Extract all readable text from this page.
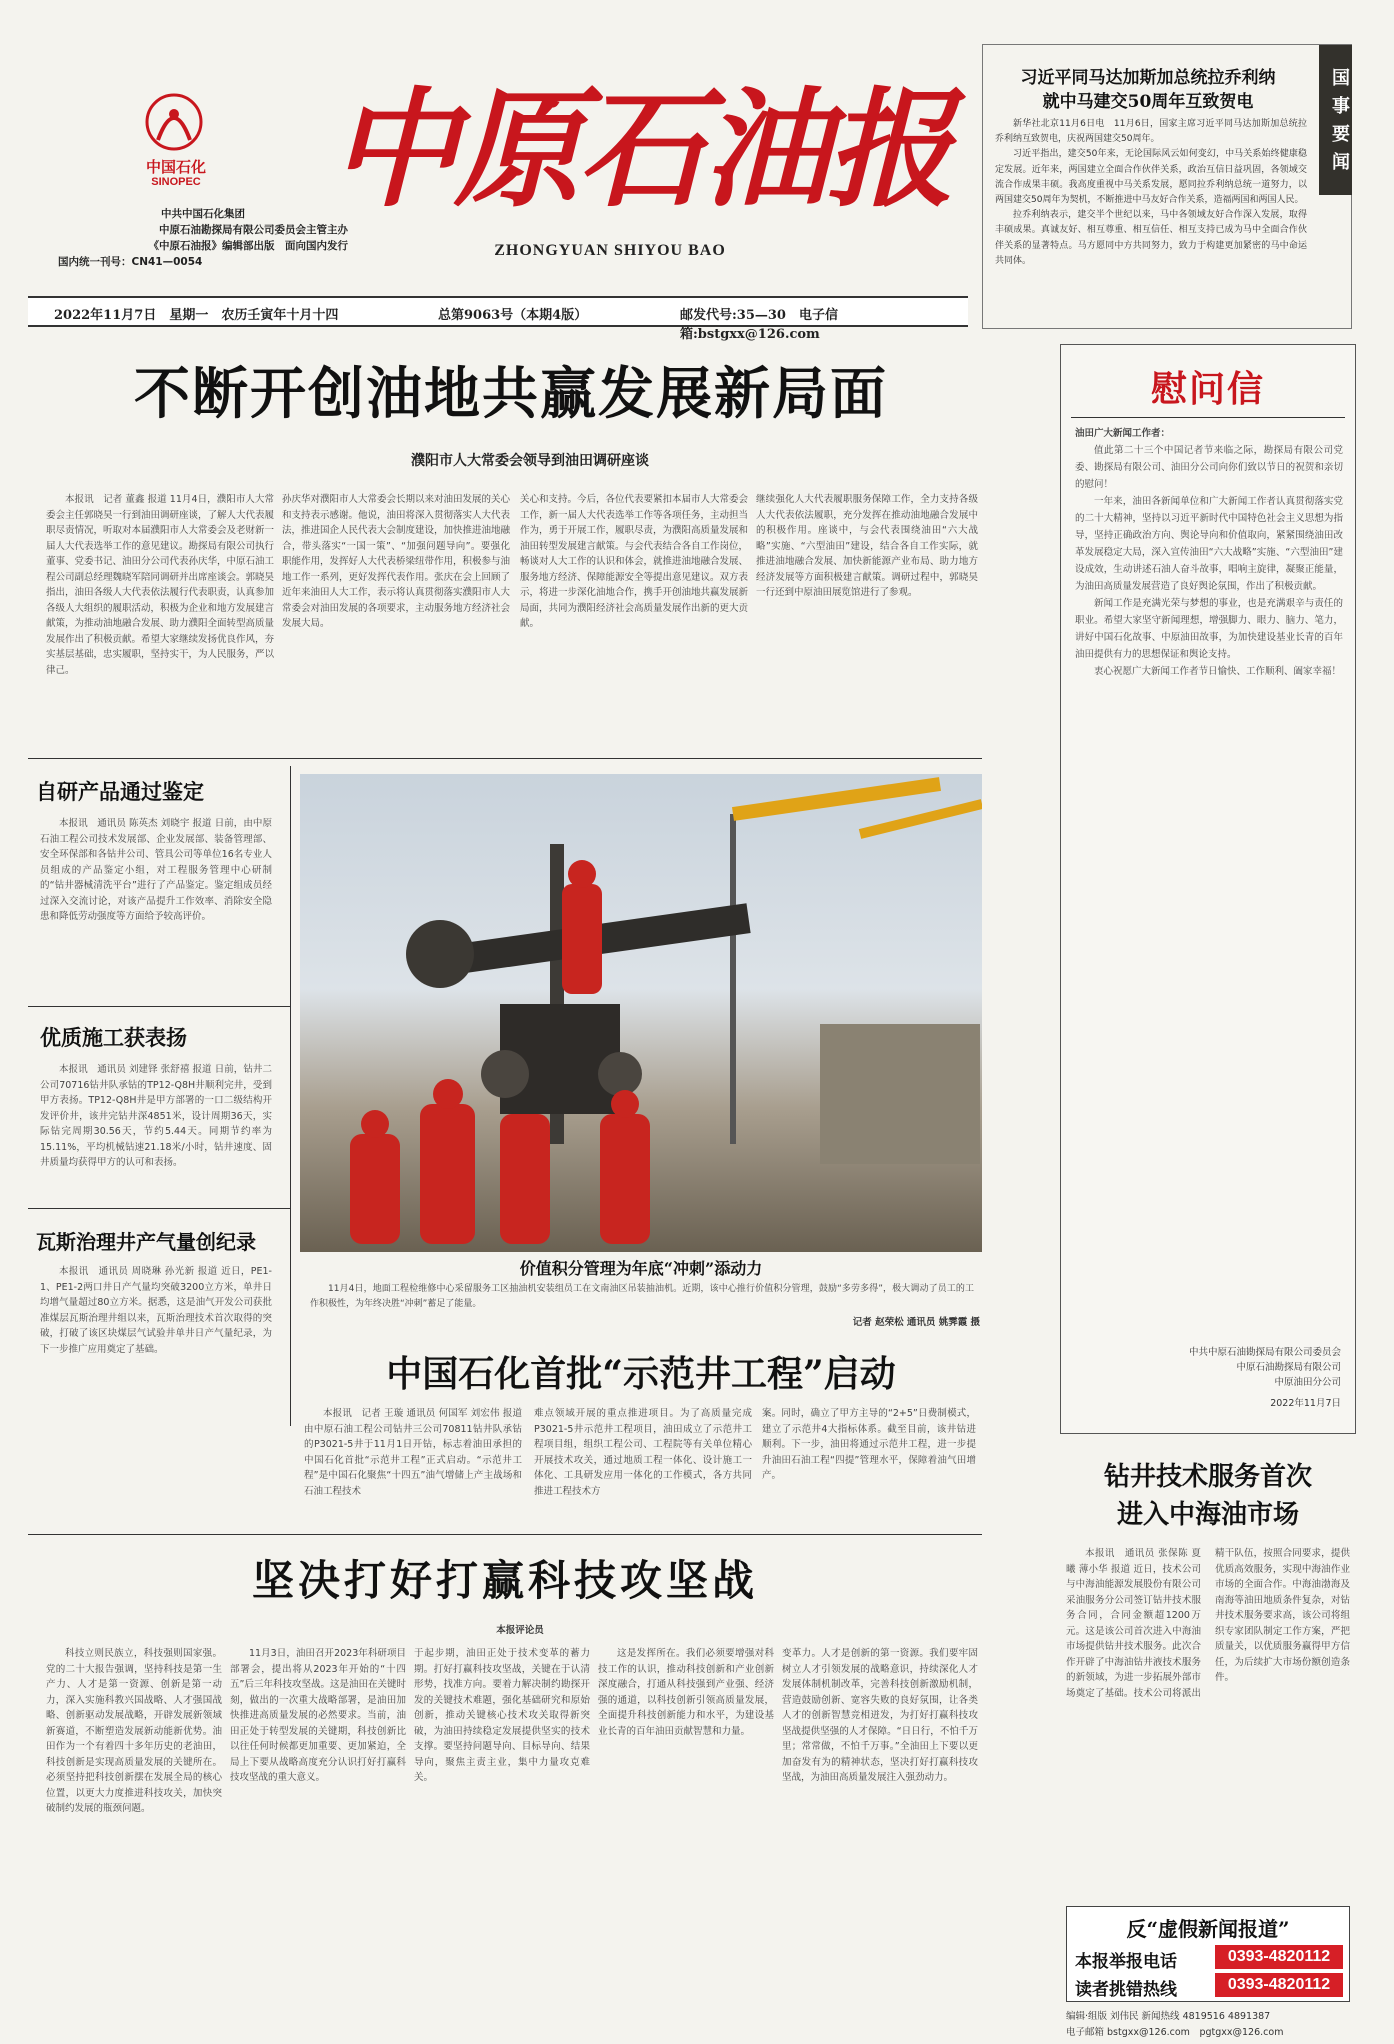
中国石化
SINOPEC
中共中国石化集团
中原石油勘探局有限公司委员会主管主办
《中原石油报》编辑部出版　面向国内发行
国内统一刊号：CN41—0054
中原石油报
ZHONGYUAN SHIYOU BAO
习近平同马达加斯加总统拉乔利纳
就中马建交50周年互致贺电

新华社北京11月6日电　11月6日，国家主席习近平同马达加斯加总统拉乔利纳互致贺电，庆祝两国建交50周年。

习近平指出，建交50年来，无论国际风云如何变幻，中马关系始终健康稳定发展。近年来，两国建立全面合作伙伴关系，政治互信日益巩固，各领域交流合作成果丰硕。我高度重视中马关系发展，愿同拉乔利纳总统一道努力，以两国建交50周年为契机，不断推进中马友好合作关系，造福两国和两国人民。

拉乔利纳表示，建交半个世纪以来，马中各领域友好合作深入发展，取得丰硕成果。真诚友好、相互尊重、相互信任、相互支持已成为马中全面合作伙伴关系的显著特点。马方愿同中方共同努力，致力于构建更加紧密的马中命运共同体。

国事要闻
2022年11月7日　星期一　农历壬寅年十月十四	总第9063号（本期4版）	邮发代号:35—30　电子信箱:bstgxx@126.com
不断开创油地共赢发展新局面
濮阳市人大常委会领导到油田调研座谈
本报讯　记者 董鑫 报道 11月4日，濮阳市人大常委会主任郭晓昊一行到油田调研座谈，了解人大代表履职尽责情况，听取对本届濮阳市人大常委会及老财新一届人大代表选举工作的意见建议。勘探局有限公司执行董事、党委书记、油田分公司代表孙庆华，中原石油工程公司副总经理魏晓军陪同调研并出席座谈会。郭晓昊指出，油田各级人大代表依法履行代表职责，认真参加各级人大组织的履职活动，积极为企业和地方发展建言献策，为推动油地融合发展、助力濮阳全面转型高质量发展作出了积极贡献。希望大家继续发扬优良作风，夯实基层基础，忠实履职，坚持实干，为人民服务，严以律己。
孙庆华对濮阳市人大常委会长期以来对油田发展的关心和支持表示感谢。他说，油田将深入贯彻落实人大代表法，推进国企人民代表大会制度建设，加快推进油地融合，带头落实“一国一策”、“加强问题导向”。要强化职能作用，发挥好人大代表桥梁纽带作用，积极参与油地工作一系列，更好发挥代表作用。张庆在会上回顾了近年来油田人大工作，表示将认真贯彻落实濮阳市人大常委会对油田发展的各项要求，主动服务地方经济社会发展大局。
关心和支持。今后，各位代表要紧扣本届市人大常委会工作，新一届人大代表选举工作等各项任务，主动担当作为，勇于开展工作，履职尽责，为濮阳高质量发展和油田转型发展建言献策。与会代表结合各自工作岗位，畅谈对人大工作的认识和体会，就推进油地融合发展、服务地方经济、保障能源安全等提出意见建议。双方表示，将进一步深化油地合作，携手开创油地共赢发展新局面，共同为濮阳经济社会高质量发展作出新的更大贡献。
继续强化人大代表履职服务保障工作，全力支持各级人大代表依法履职，充分发挥在推动油地融合发展中的积极作用。座谈中，与会代表围绕油田“六大战略”实施、“六型油田”建设，结合各自工作实际，就推进油地融合发展、加快新能源产业布局、助力地方经济发展等方面积极建言献策。调研过程中，郭晓昊一行还到中原油田展览馆进行了参观。
自研产品通过鉴定
本报讯　通讯员 陈英杰 刘晓宇 报道 日前，由中原石油工程公司技术发展部、企业发展部、装备管理部、安全环保部和各钻井公司、管具公司等单位16名专业人员组成的产品鉴定小组，对工程服务管理中心研制的“钻井器械清洗平台”进行了产品鉴定。鉴定组成员经过深入交流讨论，对该产品提升工作效率、消除安全隐患和降低劳动强度等方面给予较高评价。
优质施工获表扬
本报讯　通讯员 刘建铎 张舒禧 报道 日前，钻井二公司70716钻井队承钻的TP12-Q8H井顺利完井，受到甲方表扬。TP12-Q8H井是甲方部署的一口二级结构开发评价井，该井完钻井深4851米，设计周期36天，实际钻完周期30.56天，节约5.44天。同期节约率为15.11%，平均机械钻速21.18米/小时，钻井速度、固井质量均获得甲方的认可和表扬。
瓦斯治理井产气量创纪录
本报讯　通讯员 周晓琳 孙光新 报道 近日，PE1-1、PE1-2两口井日产气量均突破3200立方米，单井日均增气量超过80立方米。据悉，这是油气开发公司获批准煤层瓦斯治理井组以来，瓦斯治理技术首次取得的突破，打破了该区块煤层气试验井单井日产气量纪录，为下一步推广应用奠定了基础。
价值积分管理为年底“冲刺”添动力
11月4日，地面工程检维修中心采留服务工区抽油机安装组员工在文南油区吊装抽油机。近期，该中心推行价值积分管理，鼓励“多劳多得”，极大调动了员工的工作积极性，为年终决胜“冲刺”蓄足了能量。
记者 赵荣松 通讯员 姚霁霞 摄
中国石化首批“示范井工程”启动
本报讯　记者 王璇 通讯员 何国军 刘宏伟 报道 由中原石油工程公司钻井三公司70811钻井队承钻的P3021-5井于11月1日开钻，标志着油田承担的中国石化首批“示范井工程”正式启动。“示范井工程”是中国石化聚焦“十四五”油气增储上产主战场和石油工程技术
难点领域开展的重点推进项目。为了高质量完成P3021-5井示范井工程项目，油田成立了示范井工程项目组，组织工程公司、工程院等有关单位精心开展技术攻关，通过地质工程一体化、设计施工一体化、工具研发应用一体化的工作模式，各方共同推进工程技术方
案。同时，确立了甲方主导的“2+5”日费制模式，建立了示范井4大指标体系。截至目前，该井钻进顺利。下一步，油田将通过示范井工程，进一步提升油田石油工程“四提”管理水平，保障着油气田增产。
坚决打好打赢科技攻坚战
本报评论员
科技立则民族立，科技强则国家强。党的二十大报告强调，坚持科技是第一生产力、人才是第一资源、创新是第一动力，深入实施科教兴国战略、人才强国战略、创新驱动发展战略，开辟发展新领域新赛道，不断塑造发展新动能新优势。油田作为一个有着四十多年历史的老油田，科技创新是实现高质量发展的关键所在。必须坚持把科技创新摆在发展全局的核心位置，以更大力度推进科技攻关，加快突破制约发展的瓶颈问题。
11月3日，油田召开2023年科研项目部署会，提出将从2023年开始的“十四五”后三年科技攻坚战。这是油田在关键时刻，做出的一次重大战略部署，是油田加快推进高质量发展的必然要求。当前，油田正处于转型发展的关键期，科技创新比以往任何时候都更加重要、更加紧迫，全局上下要从战略高度充分认识打好打赢科技攻坚战的重大意义。
于起步期，油田正处于技术变革的蓄力期。打好打赢科技攻坚战，关键在于认清形势，找准方向。要着力解决制约勘探开发的关键技术难题，强化基础研究和原始创新，推动关键核心技术攻关取得新突破，为油田持续稳定发展提供坚实的技术支撑。要坚持问题导向、目标导向、结果导向，聚焦主责主业，集中力量攻克难关。
这是发挥所在。我们必须要增强对科技工作的认识，推动科技创新和产业创新深度融合，打通从科技强到产业强、经济强的通道，以科技创新引领高质量发展，全面提升科技创新能力和水平，为建设基业长青的百年油田贡献智慧和力量。
变革力。人才是创新的第一资源。我们要牢固树立人才引领发展的战略意识，持续深化人才发展体制机制改革，完善科技创新激励机制，营造鼓励创新、宽容失败的良好氛围，让各类人才的创新智慧竞相迸发，为打好打赢科技攻坚战提供坚强的人才保障。“日日行，不怕千万里；常常做，不怕千万事。”全油田上下要以更加奋发有为的精神状态，坚决打好打赢科技攻坚战，为油田高质量发展注入强劲动力。
慰问信
油田广大新闻工作者：

值此第二十三个中国记者节来临之际，勘探局有限公司党委、勘探局有限公司、油田分公司向你们致以节日的祝贺和亲切的慰问！

一年来，油田各新闻单位和广大新闻工作者认真贯彻落实党的二十大精神，坚持以习近平新时代中国特色社会主义思想为指导，坚持正确政治方向、舆论导向和价值取向，紧紧围绕油田改革发展稳定大局，深入宣传油田“六大战略”实施、“六型油田”建设成效，生动讲述石油人奋斗故事，唱响主旋律，凝聚正能量，为油田高质量发展营造了良好舆论氛围，作出了积极贡献。

新闻工作是充满光荣与梦想的事业，也是充满艰辛与责任的职业。希望大家坚守新闻理想，增强脚力、眼力、脑力、笔力，讲好中国石化故事、中原油田故事，为加快建设基业长青的百年油田提供有力的思想保证和舆论支持。

衷心祝愿广大新闻工作者节日愉快、工作顺利、阖家幸福！

中共中原石油勘探局有限公司委员会
中原石油勘探局有限公司
中原油田分公司
2022年11月7日
钻井技术服务首次
进入中海油市场
本报讯　通讯员 张保陈 夏曦 薄小华 报道 近日，技术公司与中海油能源发展股份有限公司采油服务分公司签订钻井技术服务合同，合同金额超1200万元。这是该公司首次进入中海油市场提供钻井技术服务。此次合作开辟了中海油钻井液技术服务的新领域，为进一步拓展外部市场奠定了基础。技术公司将派出精干队伍，按照合同要求，提供优质高效服务，实现中海油作业市场的全面合作。中海油渤海及南海等油田地质条件复杂，对钻井技术服务要求高，该公司将组织专家团队制定工作方案，严把质量关，以优质服务赢得甲方信任，为后续扩大市场份额创造条件。
反“虚假新闻报道”
本报举报电话	0393-4820112
读者挑错热线	0393-4820112
编辑·组版 刘伟民 新闻热线 4819516 4891387
电子邮箱 bstgxx@126.com　pgtgxx@126.com
